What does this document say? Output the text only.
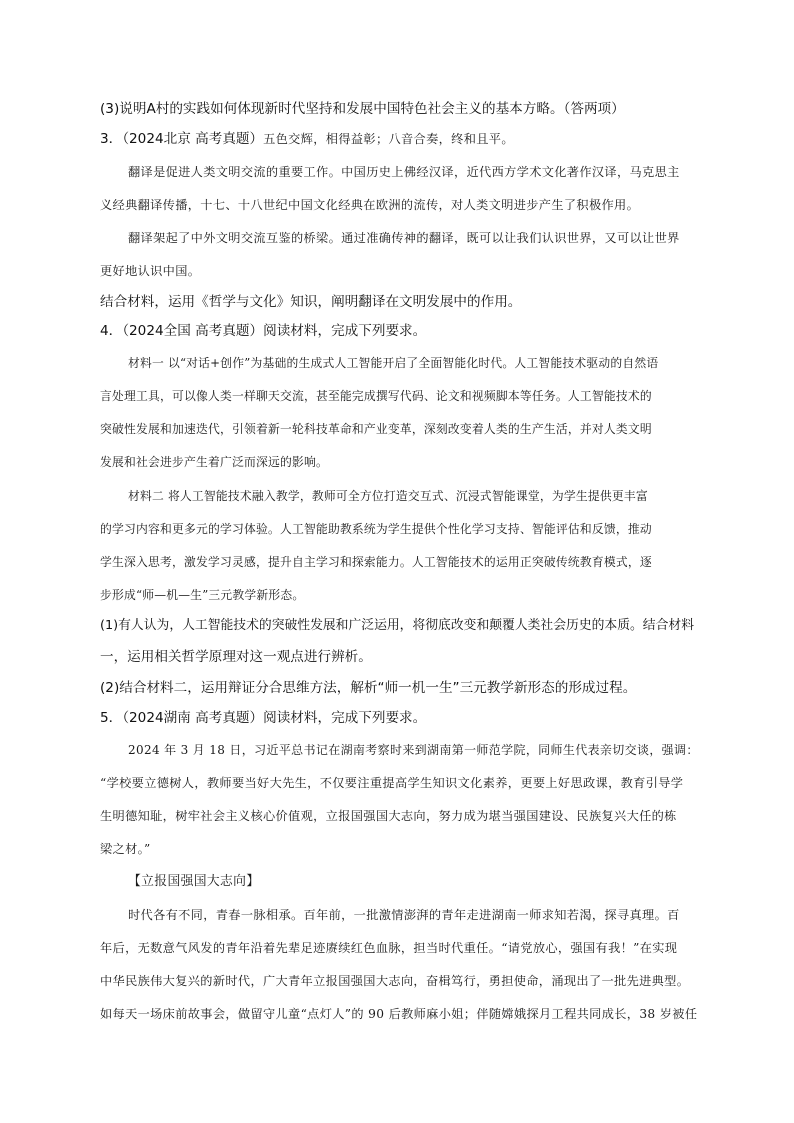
(3)说明A村的实践如何体现新时代坚持和发展中国特色社会主义的基本方略。（答两项）
3．（2024北京 高考真题）五色交辉，相得益彰；八音合奏，终和且平。
翻译是促进人类文明交流的重要工作。中国历史上佛经汉译，近代西方学术文化著作汉译，马克思主
义经典翻译传播，十七、十八世纪中国文化经典在欧洲的流传，对人类文明进步产生了积极作用。
翻译架起了中外文明交流互鉴的桥梁。通过准确传神的翻译，既可以让我们认识世界，又可以让世界
更好地认识中国。
结合材料，运用《哲学与文化》知识，阐明翻译在文明发展中的作用。
4．（2024全国 高考真题）阅读材料，完成下列要求。
材料一 以“对话+创作”为基础的生成式人工智能开启了全面智能化时代。人工智能技术驱动的自然语
言处理工具，可以像人类一样聊天交流，甚至能完成撰写代码、论文和视频脚本等任务。人工智能技术的
突破性发展和加速迭代，引领着新一轮科技革命和产业变革，深刻改变着人类的生产生活，并对人类文明
发展和社会进步产生着广泛而深远的影响。
材料二 将人工智能技术融入教学，教师可全方位打造交互式、沉浸式智能课堂，为学生提供更丰富
的学习内容和更多元的学习体验。人工智能助教系统为学生提供个性化学习支持、智能评估和反馈，推动
学生深入思考，激发学习灵感，提升自主学习和探索能力。人工智能技术的运用正突破传统教育模式，逐
步形成“师—机—生”三元教学新形态。
(1)有人认为，人工智能技术的突破性发展和广泛运用，将彻底改变和颠覆人类社会历史的本质。结合材料
一，运用相关哲学原理对这一观点进行辨析。
(2)结合材料二，运用辩证分合思维方法，解析“师一机一生”三元教学新形态的形成过程。
5．（2024湖南 高考真题）阅读材料，完成下列要求。
2024 年 3 月 18 日，习近平总书记在湖南考察时来到湖南第一师范学院，同师生代表亲切交谈，强调：
“学校要立德树人，教师要当好大先生，不仅要注重提高学生知识文化素养，更要上好思政课，教育引导学
生明德知耻，树牢社会主义核心价值观，立报国强国大志向，努力成为堪当强国建设、民族复兴大任的栋
梁之材。”
【立报国强国大志向】
时代各有不同，青春一脉相承。百年前，一批激情澎湃的青年走进湖南一师求知若渴，探寻真理。百
年后，无数意气风发的青年沿着先辈足迹赓续红色血脉，担当时代重任。“请党放心，强国有我！”在实现
中华民族伟大复兴的新时代，广大青年立报国强国大志向，奋楫笃行，勇担使命，涌现出了一批先进典型。
如每天一场床前故事会，做留守儿童“点灯人”的 90 后教师麻小姐；伴随嫦娥探月工程共同成长，38 岁被任
